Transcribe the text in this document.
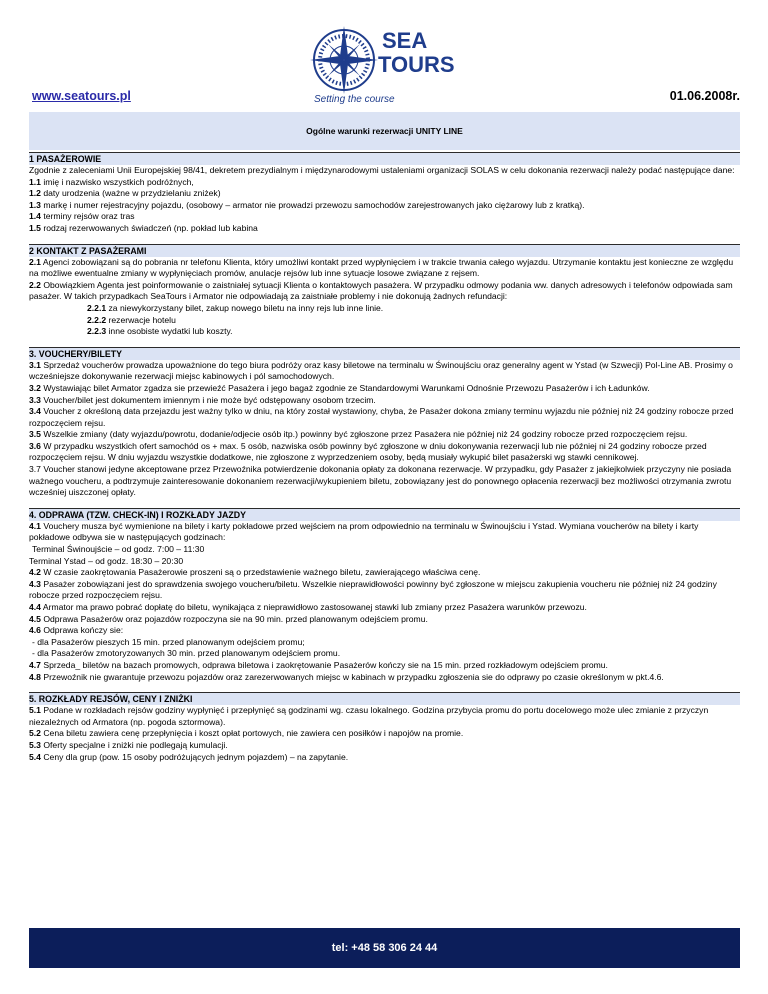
SEA
TOURS
Setting the course
www.seatours.pl	01.06.2008r.
Ogólne warunki rezerwacji UNITY LINE
1 PASAŻEROWIE
Zgodnie z zaleceniami Unii Europejskiej 98/41, dekretem prezydialnym i międzynarodowymi ustaleniami organizacji SOLAS w celu dokonania rezerwacji należy podać następujące dane:
1.1 imię i nazwisko wszystkich podróżnych,
1.2 daty urodzenia (ważne w przydzielaniu zniżek)
1.3 markę i numer rejestracyjny pojazdu, (osobowy – armator nie prowadzi przewozu samochodów zarejestrowanych jako ciężarowy lub z kratką).
1.4 terminy rejsów oraz tras
1.5 rodzaj rezerwowanych świadczeń (np. pokład lub kabina
2 KONTAKT Z PASAŻERAMI
2.1 Agenci zobowiązani są do pobrania nr telefonu Klienta, który umożliwi kontakt przed wypłynięciem i w trakcie trwania całego wyjazdu. Utrzymanie kontaktu jest konieczne ze względu na możliwe ewentualne zmiany w wypłynięciach promów, anulacje rejsów lub inne sytuacje losowe związane z rejsem.
2.2 Obowiązkiem Agenta jest poinformowanie o zaistniałej sytuacji Klienta o kontaktowych pasażera. W przypadku odmowy podania ww. danych adresowych i telefonów odpowiada sam pasażer. W takich przypadkach SeaTours i Armator nie odpowiadają za zaistniałe problemy i nie dokonują żadnych refundacji:
2.2.1 za niewykorzystany bilet, zakup nowego biletu na inny rejs lub inne linie.
2.2.2 rezerwacje hotelu
2.2.3 inne osobiste wydatki lub koszty.
3. VOUCHERY/BILETY
3.1 Sprzedaż voucherów prowadza upoważnione do tego biura podróży oraz kasy biletowe na terminalu w Świnoujściu oraz generalny agent w Ystad (w Szwecji) Pol-Line AB. Prosimy o wcześniejsze dokonywanie rezerwacji miejsc kabinowych i pól samochodowych.
3.2 Wystawiając bilet Armator zgadza sie przewieźć Pasażera i jego bagaż zgodnie ze Standardowymi Warunkami Odnośnie Przewozu Pasażerów i ich Ładunków.
3.3 Voucher/bilet jest dokumentem imiennym i nie może być odstępowany osobom trzecim.
3.4 Voucher z określoną data przejazdu jest ważny tylko w dniu, na który został wystawiony, chyba, że Pasażer dokona zmiany terminu wyjazdu nie później niż 24 godziny robocze przed rozpoczęciem rejsu.
3.5 Wszelkie zmiany (daty wyjazdu/powrotu, dodanie/odjecie osób itp.) powinny być zgłoszone przez Pasażera nie później niż 24 godziny robocze przed rozpoczęciem rejsu.
3.6 W przypadku wszystkich ofert samochód os + max. 5 osób, nazwiska osób powinny być zgłoszone w dniu dokonywania rezerwacji lub nie później ni 24 godziny robocze przed rozpoczęciem rejsu. W dniu wyjazdu wszystkie dodatkowe, nie zgłoszone z wyprzedzeniem osoby, będą musiały wykupić bilet pasażerski wg stawki cennikowej.
3.7 Voucher stanowi jedyne akceptowane przez Przewoźnika potwierdzenie dokonania opłaty za dokonana rezerwacje. W przypadku, gdy Pasażer z jakiejkolwiek przyczyny nie posiada ważnego voucheru, a podtrzymuje zainteresowanie dokonaniem rezerwacji/wykupieniem biletu, zobowiązany jest do ponownego opłacenia rezerwacji bez możliwości otrzymania zwrotu wcześniej uiszczonej opłaty.
4. ODPRAWA (TZW. CHECK-IN) I ROZKŁADY JAZDY
4.1 Vouchery musza być wymienione na bilety i karty pokładowe przed wejściem na prom odpowiednio na terminalu w Świnoujściu i Ystad. Wymiana voucherów na bilety i karty pokładowe odbywa sie w następujących godzinach:
Terminal Świnoujście – od godz. 7:00 – 11:30
Terminal Ystad – od godz. 18:30 – 20:30
4.2 W czasie zaokrętowania Pasażerowie proszeni są o przedstawienie ważnego biletu, zawierającego właściwa cenę.
4.3 Pasażer zobowiązani jest do sprawdzenia swojego voucheru/biletu. Wszelkie nieprawidłowości powinny być zgłoszone w miejscu zakupienia voucheru nie później niż 24 godziny robocze przed rozpoczęciem rejsu.
4.4 Armator ma prawo pobrać dopłatę do biletu, wynikająca z nieprawidłowo zastosowanej stawki lub zmiany przez Pasażera warunków przewozu.
4.5 Odprawa Pasażerów oraz pojazdów rozpoczyna sie na 90 min. przed planowanym odejściem promu.
4.6 Odprawa kończy sie:
- dla Pasażerów pieszych 15 min. przed planowanym odejściem promu;
- dla Pasażerów zmotoryzowanych 30 min. przed planowanym odejściem promu.
4.7 Sprzeda_ biletów na bazach promowych, odprawa biletowa i zaokrętowanie Pasażerów kończy sie na 15 min. przed rozkładowym odejściem promu.
4.8 Przewoźnik nie gwarantuje przewozu pojazdów oraz zarezerwowanych miejsc w kabinach w przypadku zgłoszenia sie do odprawy po czasie określonym w pkt.4.6.
5. ROZKŁADY REJSÓW, CENY I ZNIŻKI
5.1 Podane w rozkładach rejsów godziny wypłynięć i przepłynięć są godzinami wg. czasu lokalnego. Godzina przybycia promu do portu docelowego może ulec zmianie z przyczyn niezależnych od Armatora (np. pogoda sztormowa).
5.2 Cena biletu zawiera cenę przepłynięcia i koszt opłat portowych, nie zawiera cen posiłków i napojów na promie.
5.3 Oferty specjalne i zniżki nie podlegają kumulacji.
5.4 Ceny dla grup (pow. 15 osoby podróżujących jednym pojazdem) – na zapytanie.
tel: +48 58 306 24 44
